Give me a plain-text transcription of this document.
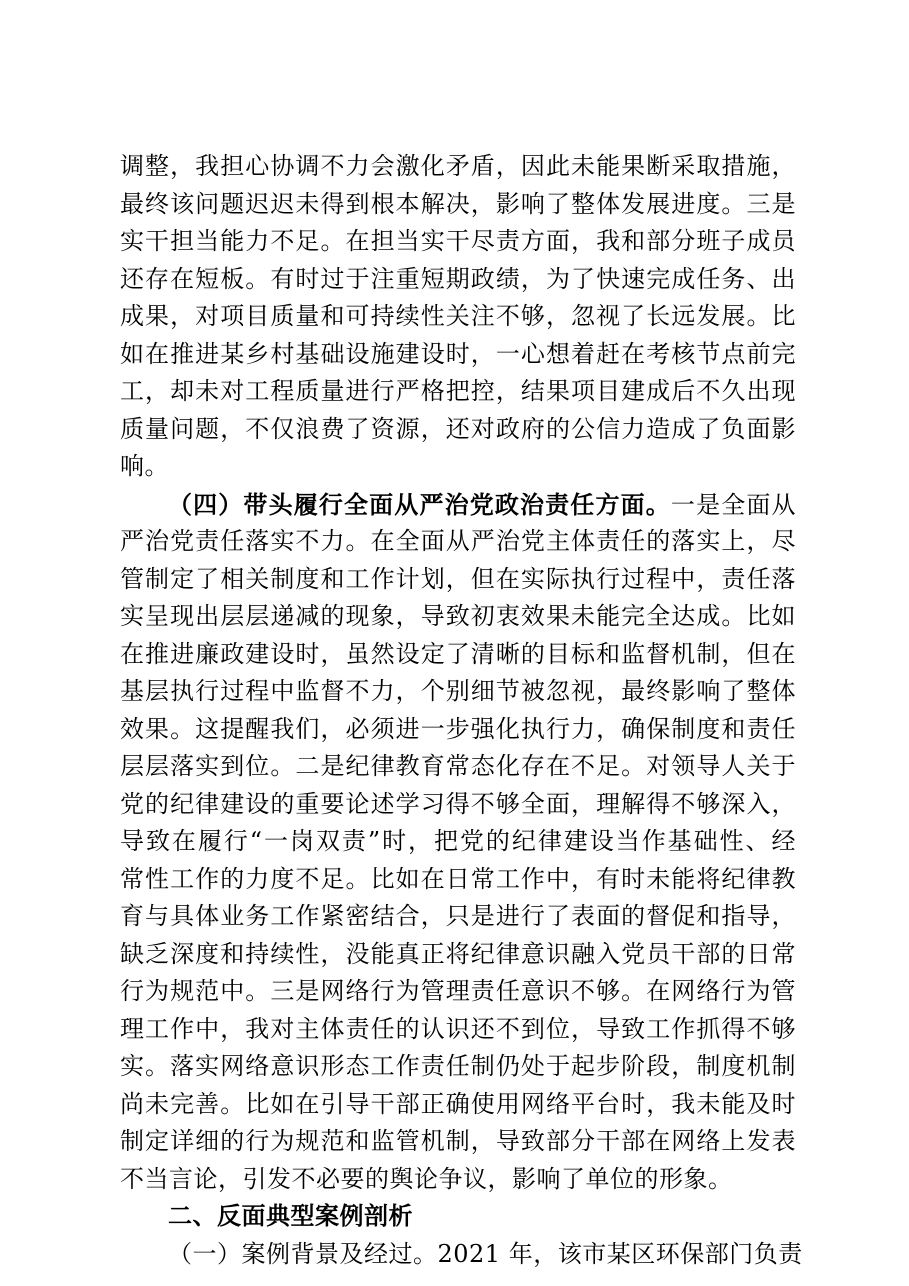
调整，我担心协调不力会激化矛盾，因此未能果断采取措施，
最终该问题迟迟未得到根本解决，影响了整体发展进度。三是
实干担当能力不足。在担当实干尽责方面，我和部分班子成员
还存在短板。有时过于注重短期政绩，为了快速完成任务、出
成果，对项目质量和可持续性关注不够，忽视了长远发展。比
如在推进某乡村基础设施建设时，一心想着赶在考核节点前完
工，却未对工程质量进行严格把控，结果项目建成后不久出现
质量问题，不仅浪费了资源，还对政府的公信力造成了负面影
响。
（四）带头履行全面从严治党政治责任方面。一是全面从
严治党责任落实不力。在全面从严治党主体责任的落实上，尽
管制定了相关制度和工作计划，但在实际执行过程中，责任落
实呈现出层层递减的现象，导致初衷效果未能完全达成。比如
在推进廉政建设时，虽然设定了清晰的目标和监督机制，但在
基层执行过程中监督不力，个别细节被忽视，最终影响了整体
效果。这提醒我们，必须进一步强化执行力，确保制度和责任
层层落实到位。二是纪律教育常态化存在不足。对领导人关于
党的纪律建设的重要论述学习得不够全面，理解得不够深入，
导致在履行“一岗双责”时，把党的纪律建设当作基础性、经
常性工作的力度不足。比如在日常工作中，有时未能将纪律教
育与具体业务工作紧密结合，只是进行了表面的督促和指导，
缺乏深度和持续性，没能真正将纪律意识融入党员干部的日常
行为规范中。三是网络行为管理责任意识不够。在网络行为管
理工作中，我对主体责任的认识还不到位，导致工作抓得不够
实。落实网络意识形态工作责任制仍处于起步阶段，制度机制
尚未完善。比如在引导干部正确使用网络平台时，我未能及时
制定详细的行为规范和监管机制，导致部分干部在网络上发表
不当言论，引发不必要的舆论争议，影响了单位的形象。
二、反面典型案例剖析
（一）案例背景及经过。2021 年，该市某区环保部门负责
